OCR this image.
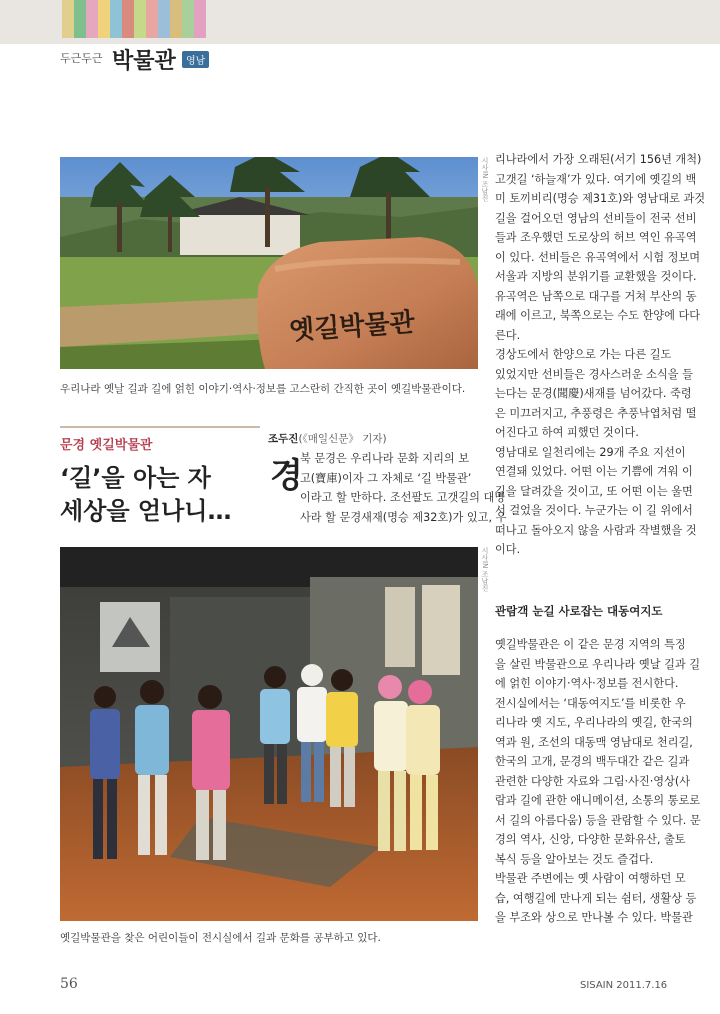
두근두근 박물관	영남
옛길박물관
시사IN 조남진
우리나라 옛날 길과 길에 얽힌 이야기·역사·정보를 고스란히 간직한 곳이 옛길박물관이다.
문경 옛길박물관
‘길’을 아는 자
세상을 얻나니…
조두진(《매일신문》 기자)
경
북 문경은 우리나라 문화 지리의 보
고(寶庫)이자 그 자체로 ‘길 박물관’
이라고 할 만하다. 조선팔도 고갯길의 대명
사라 할 문경새재(명승 제32호)가 있고, 우
시사IN 조남진
옛길박물관을 찾은 어린이들이 전시실에서 길과 문화를 공부하고 있다.
리나라에서 가장 오래된(서기 156년 개척)
고갯길 ‘하늘재’가 있다. 여기에 옛길의 백
미 토끼비리(명승 제31호)와 영남대로 과것
길을 걸어오던 영남의 선비들이 전국 선비
들과 조우했던 도로상의 허브 역인 유곡역
이 있다. 선비들은 유곡역에서 시험 정보며
서울과 지방의 분위기를 교환했을 것이다.
유곡역은 남쪽으로 대구를 거쳐 부산의 동
래에 이르고, 북쪽으로는 수도 한양에 다다
른다.
경상도에서 한양으로 가는 다른 길도
있었지만 선비들은 경사스러운 소식을 들
는다는 문경(聞慶)새재를 넘어갔다. 죽령
은 미끄러지고, 추풍령은 추풍낙엽처럼 떨
어진다고 하여 피했던 것이다.
영남대로 일천리에는 29개 주요 지선이
연결돼 있었다. 어떤 이는 기쁨에 겨워 이
길을 달려갔을 것이고, 또 어떤 이는 울면
서 걸었을 것이다. 누군가는 이 길 위에서
떠나고 돌아오지 않을 사람과 작별했을 것
이다.
관람객 눈길 사로잡는 대동여지도
옛길박물관은 이 같은 문경 지역의 특징
을 살린 박물관으로 우리나라 옛날 길과 길
에 얽힌 이야기·역사·정보를 전시한다.
전시실에서는 ‘대동여지도’를 비롯한 우
리나라 옛 지도, 우리나라의 옛길, 한국의
역과 원, 조선의 대동맥 영남대로 천리길,
한국의 고개, 문경의 백두대간 같은 길과
관련한 다양한 자료와 그림·사진·영상(사
람과 길에 관한 애니메이션, 소통의 통로로
서 길의 아름다움) 등을 관람할 수 있다. 문
경의 역사, 신앙, 다양한 문화유산, 출토
복식 등을 알아보는 것도 즐겁다.
박물관 주변에는 옛 사람이 여행하던 모
습, 여행길에 만나게 되는 쉼터, 생활상 등
을 부조와 상으로 만나볼 수 있다. 박물관
56	SISAIN 2011.7.16
